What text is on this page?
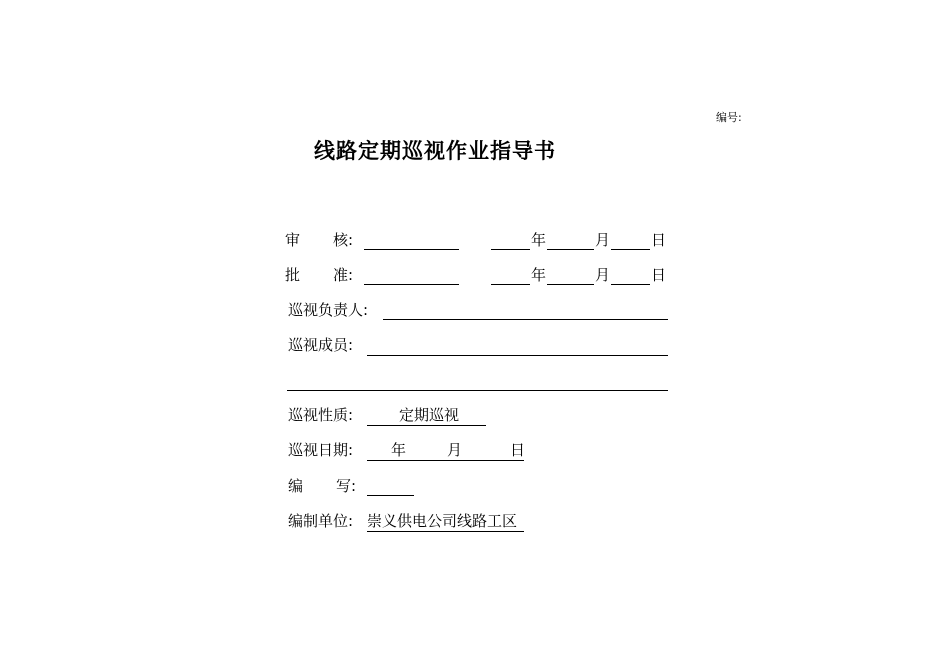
编号:
线路定期巡视作业指导书
审 核:	年	月	日
批 准:	年	月	日
巡视负责人:
巡视成员:
巡视性质:	定期巡视
巡视日期:	年	月	日
编 写:
编制单位: 崇义供电公司线路工区
